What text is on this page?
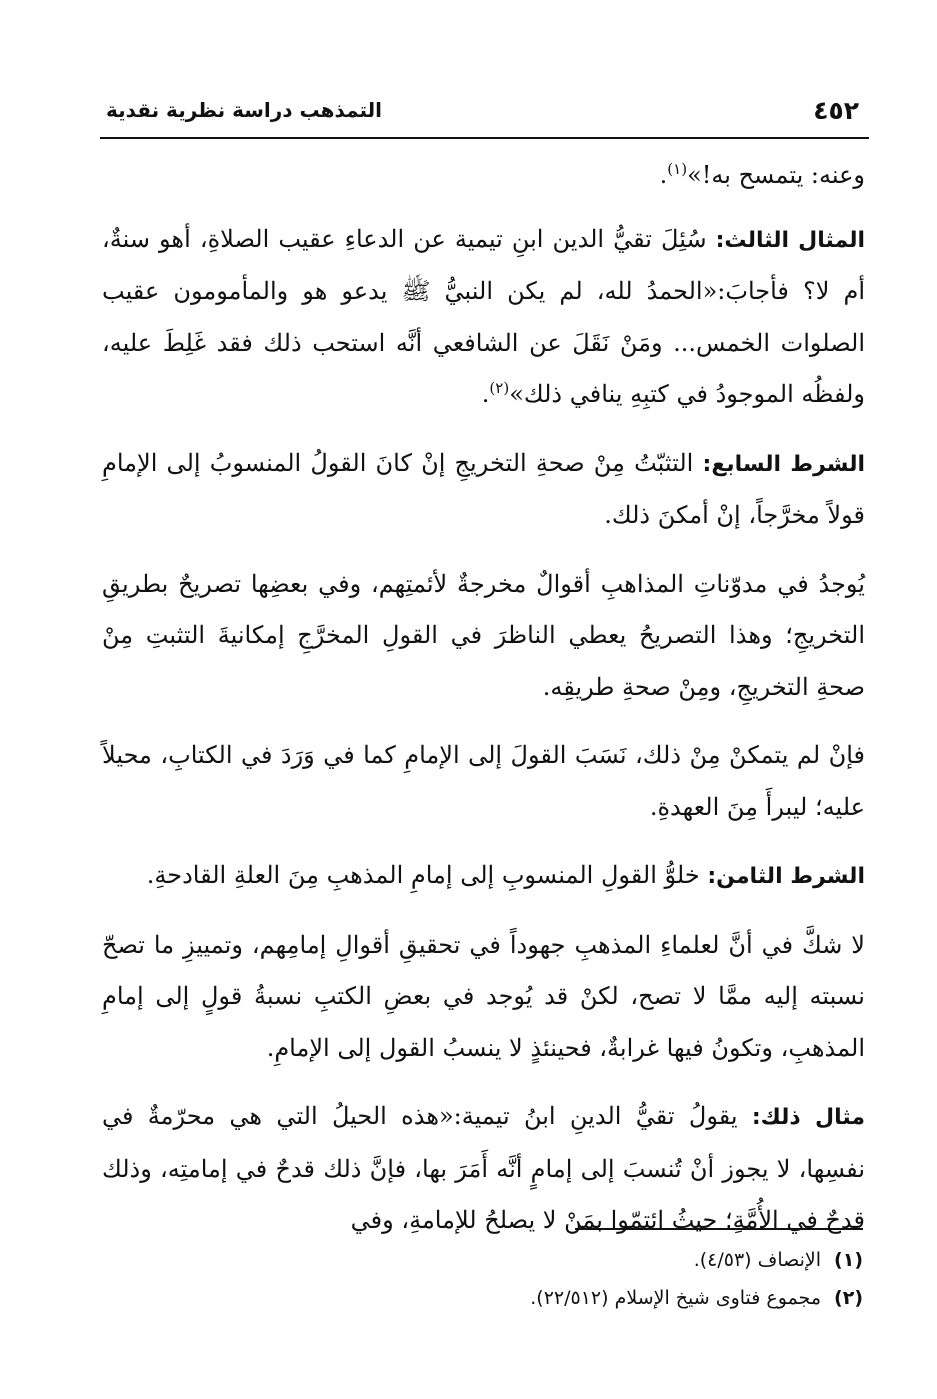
٤٥٢
التمذهب دراسة نظرية نقدية

وعنه: يتمسح به!»$^{(١)}$.

المثال الثالث: سُئِلَ تقيُّ الدين ابنِ تيمية عن الدعاءِ عقيب الصلاةِ، أهو سنةٌ، أم لا؟ فأجابَ:«الحمدُ لله، لم يكن النبيُّ ﷺ يدعو هو والمأمومون عقيب الصلوات الخمس... ومَنْ نَقَلَ عن الشافعي أنَّه استحب ذلك فقد غَلِطَ عليه، ولفظُه الموجودُ في كتبِهِ ينافي ذلك»$^{(٢)}$.

الشرط السابع: التثبّتُ مِنْ صحةِ التخريجِ إنْ كانَ القولُ المنسوبُ إلى الإمامِ قولاً مخرَّجاً، إنْ أمكنَ ذلك.

يُوجدُ في مدوّناتِ المذاهبِ أقوالٌ مخرجةٌ لأئمتِهم، وفي بعضِها تصريحٌ بطريقِ التخريجِ؛ وهذا التصريحُ يعطي الناظرَ في القولِ المخرَّجِ إمكانيةَ التثبتِ مِنْ صحةِ التخريجِ، ومِنْ صحةِ طريقِه.

فإنْ لم يتمكنْ مِنْ ذلك، نَسَبَ القولَ إلى الإمامِ كما في وَرَدَ في الكتابِ، محيلاً عليه؛ ليبرأَ مِنَ العهدةِ.

الشرط الثامن: خلوُّ القولِ المنسوبِ إلى إمامِ المذهبِ مِنَ العلةِ القادحةِ.

لا شكَّ في أنَّ لعلماءِ المذهبِ جهوداً في تحقيقِ أقوالِ إمامِهم، وتمييزِ ما تصحّ نسبته إليه ممَّا لا تصح، لكنْ قد يُوجد في بعضِ الكتبِ نسبةُ قولٍ إلى إمامِ المذهبِ، وتكونُ فيها غرابةٌ، فحينئذٍ لا ينسبُ القول إلى الإمامِ.

مثال ذلك: يقولُ تقيُّ الدينِ ابنُ تيمية:«هذه الحيلُ التي هي محرّمةٌ في نفسِها، لا يجوز أنْ تُنسبَ إلى إمامٍ أنَّه أَمَرَ بها، فإنَّ ذلك قدحٌ في إمامتِه، وذلك قدحٌ في الأُمَّةِ؛ حيثُ ائتمّوا بمَنْ لا يصلحُ للإمامةِ، وفي

(١)
الإنصاف (٤/٥٣).
(٢)
مجموع فتاوى شيخ الإسلام (٢٢/٥١٢).
